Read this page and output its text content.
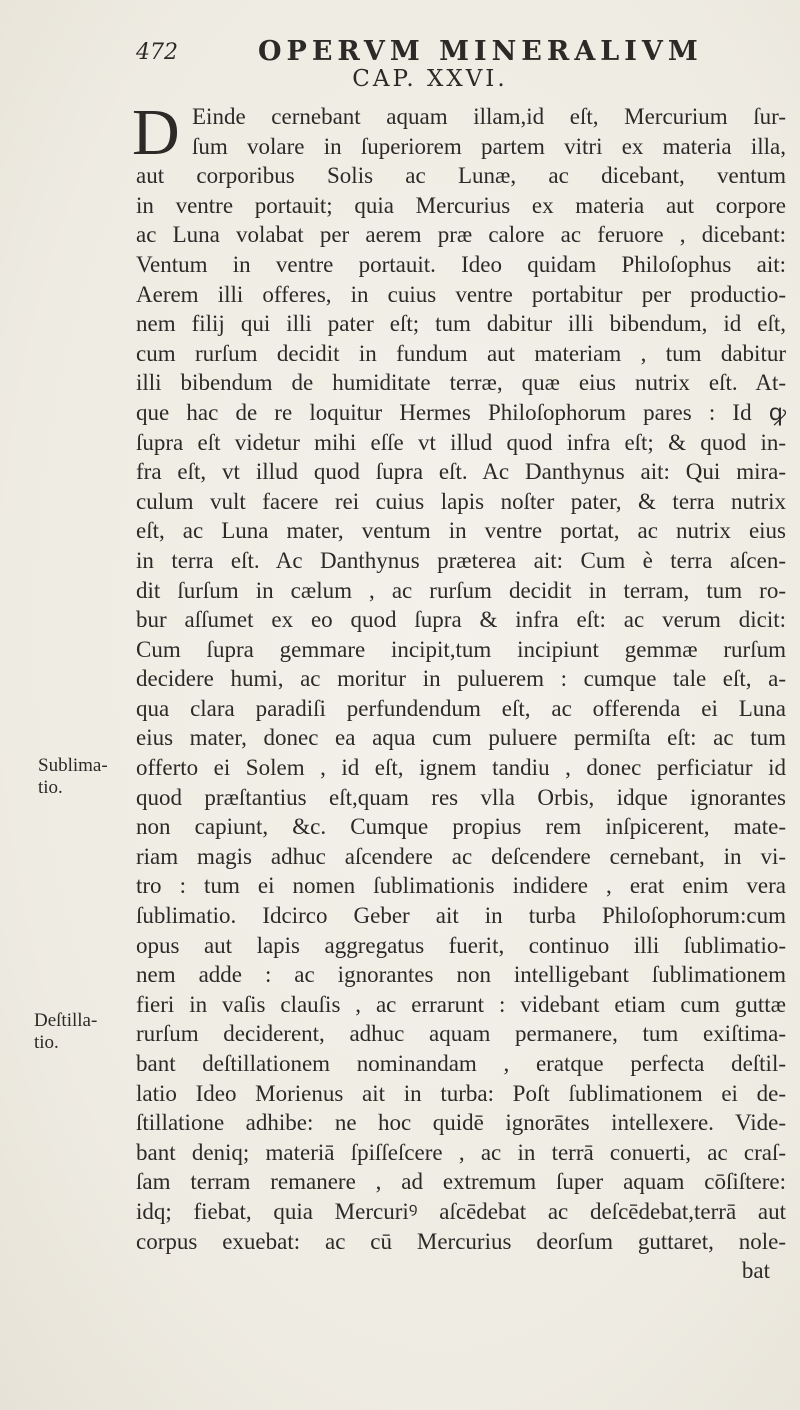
472	OPERVM MINERALIVM
CAP. XXVI.
D Einde cernebant aquam illam,id eſt, Mercurium ſur-
ſum volare in ſuperiorem partem vitri ex materia illa,
aut corporibus Solis ac Lunæ, ac dicebant, ventum
in ventre portauit; quia Mercurius ex materia aut corpore
ac Luna volabat per aerem præ calore ac feruore , dicebant:
Ventum in ventre portauit. Ideo quidam Philoſophus ait:
Aerem illi offeres, in cuius ventre portabitur per productio-
nem filij qui illi pater eſt; tum dabitur illi bibendum, id eſt,
cum rurſum decidit in fundum aut materiam , tum dabitur
illi bibendum de humiditate terræ, quæ eius nutrix eſt. At-
que hac de re loquitur Hermes Philoſophorum pares : Id ꝙ
ſupra eſt videtur mihi eſſe vt illud quod infra eſt; & quod in-
fra eſt, vt illud quod ſupra eſt. Ac Danthynus ait: Qui mira-
culum vult facere rei cuius lapis noſter pater, & terra nutrix
eſt, ac Luna mater, ventum in ventre portat, ac nutrix eius
in terra eſt. Ac Danthynus præterea ait: Cum è terra aſcen-
dit ſurſum in cælum , ac rurſum decidit in terram, tum ro-
bur aſſumet ex eo quod ſupra & infra eſt: ac verum dicit:
Cum ſupra gemmare incipit,tum incipiunt gemmæ rurſum
decidere humi, ac moritur in puluerem : cumque tale eſt, a-
qua clara paradiſi perfundendum eſt, ac offerenda ei Luna
eius mater, donec ea aqua cum puluere permiſta eſt: ac tum
offerto ei Solem , id eſt, ignem tandiu , donec perficiatur id
quod præſtantius eſt,quam res vlla Orbis, idque ignorantes
non capiunt, &c. Cumque propius rem inſpicerent, mate-
riam magis adhuc aſcendere ac deſcendere cernebant, in vi-
tro : tum ei nomen ſublimationis indidere , erat enim vera
ſublimatio. Idcirco Geber ait in turba Philoſophorum:cum
opus aut lapis aggregatus fuerit, continuo illi ſublimatio-
nem adde : ac ignorantes non intelligebant ſublimationem
fieri in vaſis clauſis , ac errarunt : videbant etiam cum guttæ
rurſum deciderent, adhuc aquam permanere, tum exiſtima-
bant deſtillationem nominandam , eratque perfecta deſtil-
latio Ideo Morienus ait in turba: Poſt ſublimationem ei de-
ſtillatione adhibe: ne hoc quidē ignorātes intellexere. Vide-
bant deniq; materiā ſpiſſeſcere , ac in terrā conuerti, ac craſ-
ſam terram remanere , ad extremum ſuper aquam cōſiſtere:
idq; fiebat, quia Mercuriꝰ aſcēdebat ac deſcēdebat,terrā aut
corpus exuebat: ac cū Mercurius deorſum guttaret, nole-
bat
Sublima-
tio.
Deſtilla-
tio.
